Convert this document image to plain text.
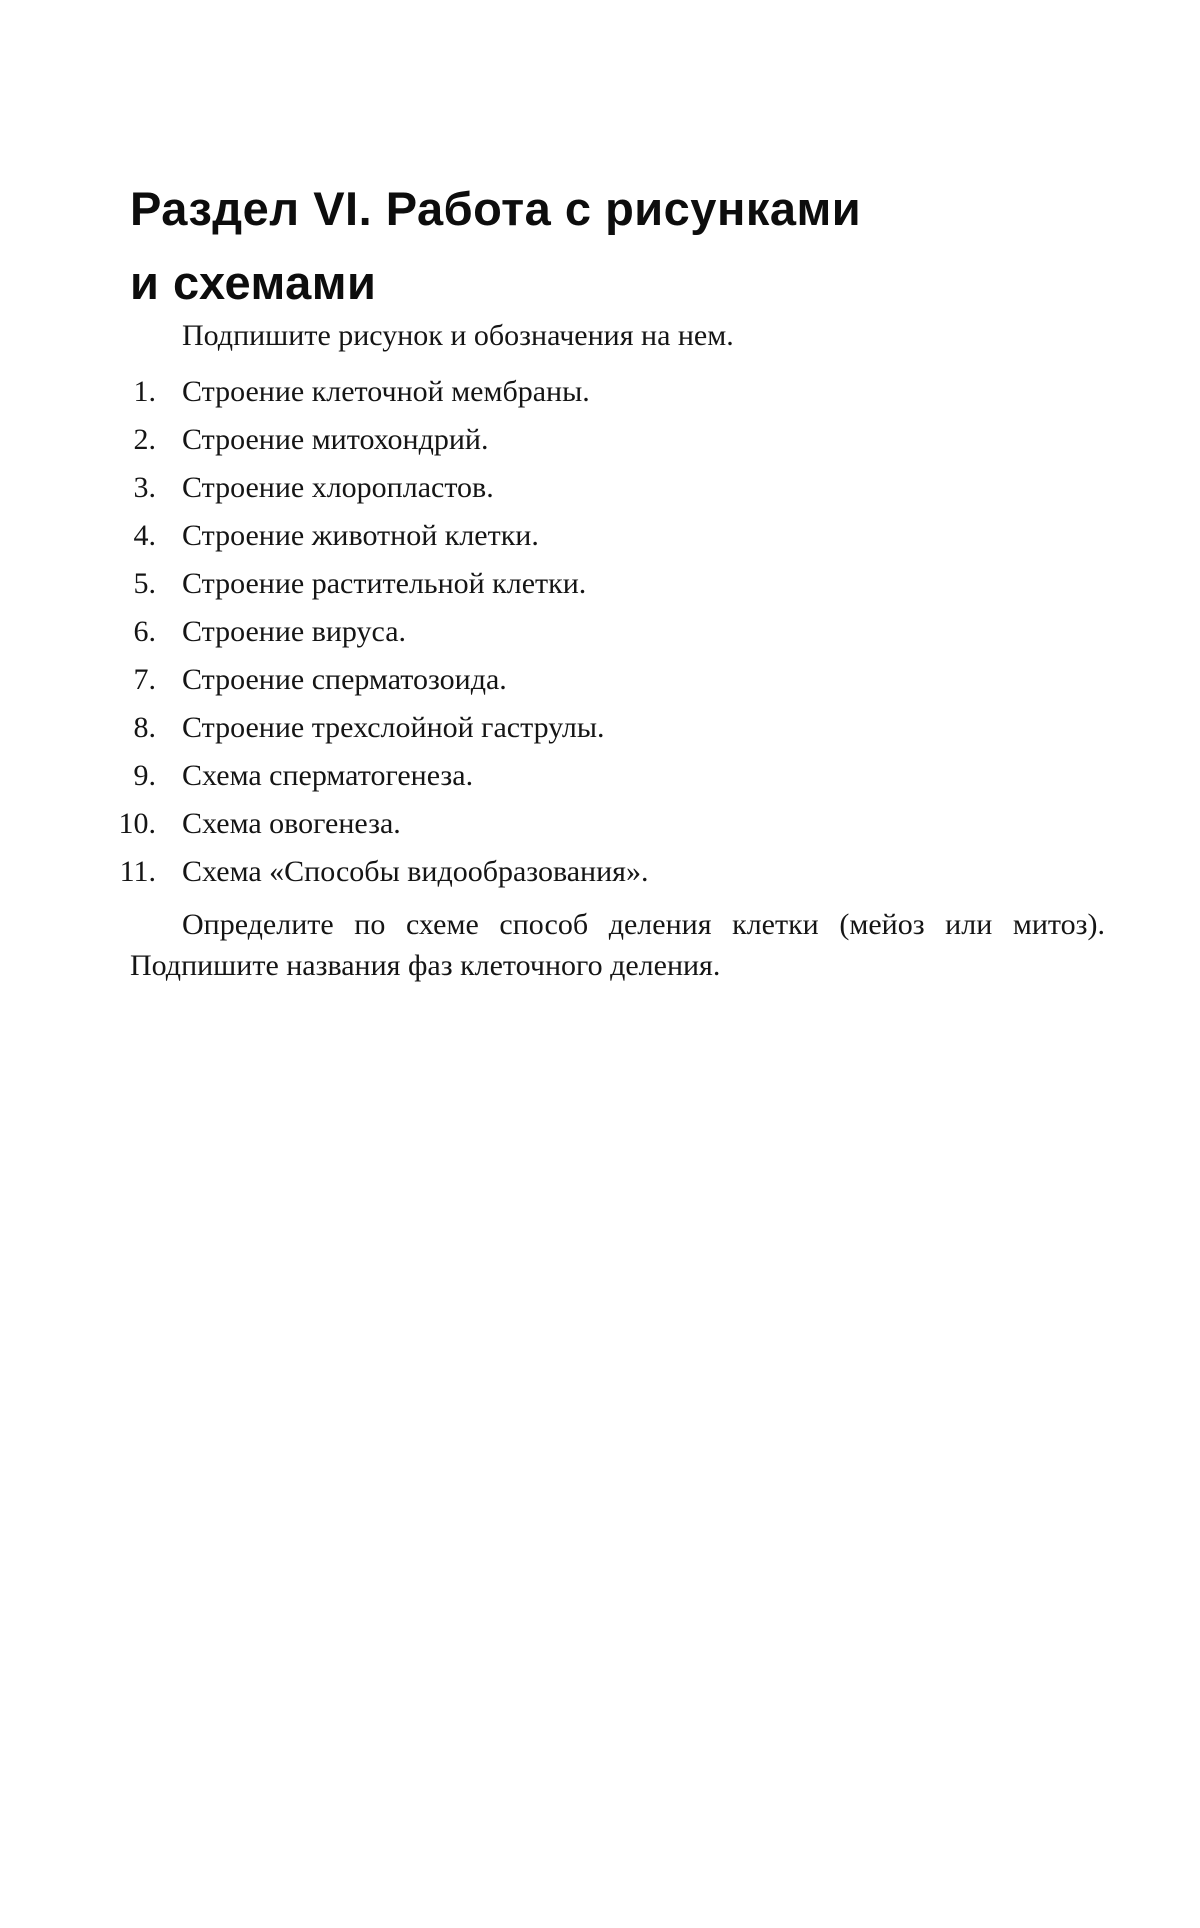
Раздел VI. Работа с рисунками
и схемами

Подпишите рисунок и обозначения на нем.

1. Строение клеточной мембраны.
2. Строение митохондрий.
3. Строение хлоропластов.
4. Строение животной клетки.
5. Строение растительной клетки.
6. Строение вируса.
7. Строение сперматозоида.
8. Строение трехслойной гаструлы.
9. Схема сперматогенеза.
10. Схема овогенеза.
11. Схема «Способы видообразования».

Определите по схеме способ деления клетки (мейоз или митоз). Подпишите названия фаз клеточного деления.
